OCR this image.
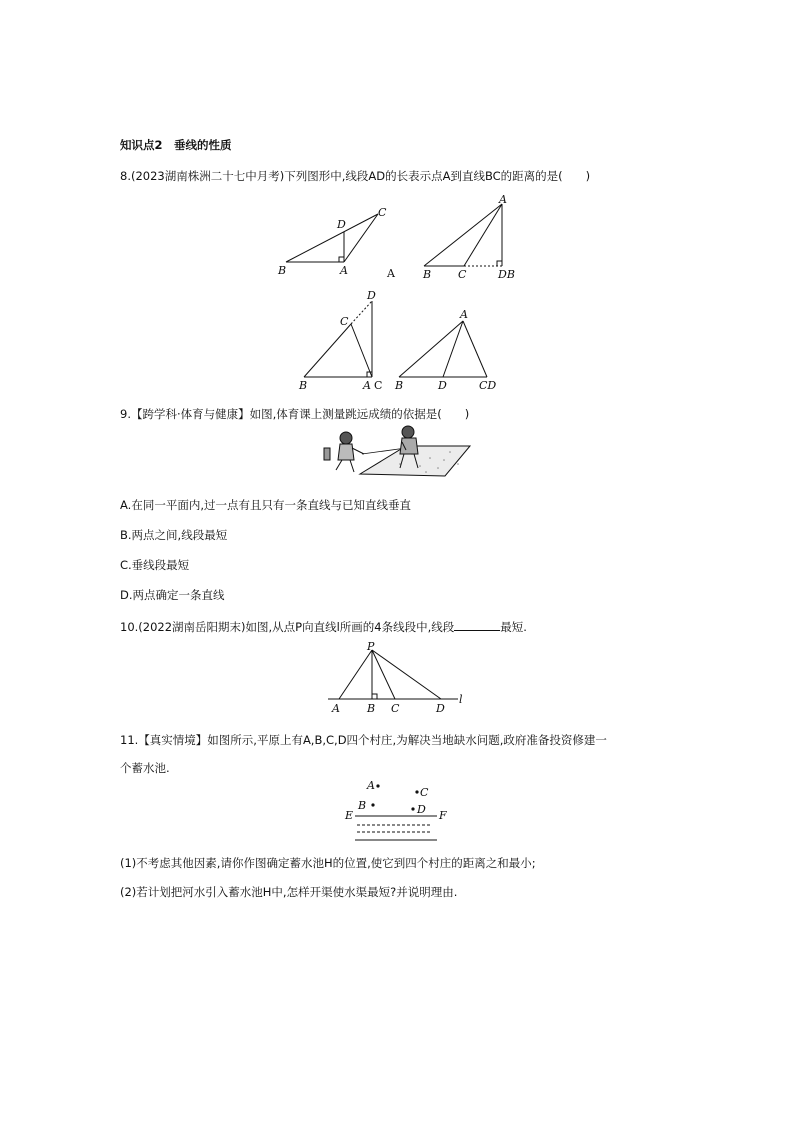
知识点2　垂线的性质
8.(2023湖南株洲二十七中月考)下列图形中,线段AD的长表示点A到直线BC的距离的是(　　)
B	A
D
C
A
A
B C	DB
D
C
B	A C
A
B	D	CD
9.【跨学科·体育与健康】如图,体育课上测量跳远成绩的依据是(　　)
A.在同一平面内,过一点有且只有一条直线与已知直线垂直
B.两点之间,线段最短
C.垂线段最短
D.两点确定一条直线
10.(2022湖南岳阳期末)如图,从点P向直线l所画的4条线段中,线段	最短.
P
A B C	D
l
11.【真实情境】如图所示,平原上有A,B,C,D四个村庄,为解决当地缺水问题,政府准备投资修建一
个蓄水池.
A
B
C
D
E	F
(1)不考虑其他因素,请你作图确定蓄水池H的位置,使它到四个村庄的距离之和最小;
(2)若计划把河水引入蓄水池H中,怎样开渠使水渠最短?并说明理由.
